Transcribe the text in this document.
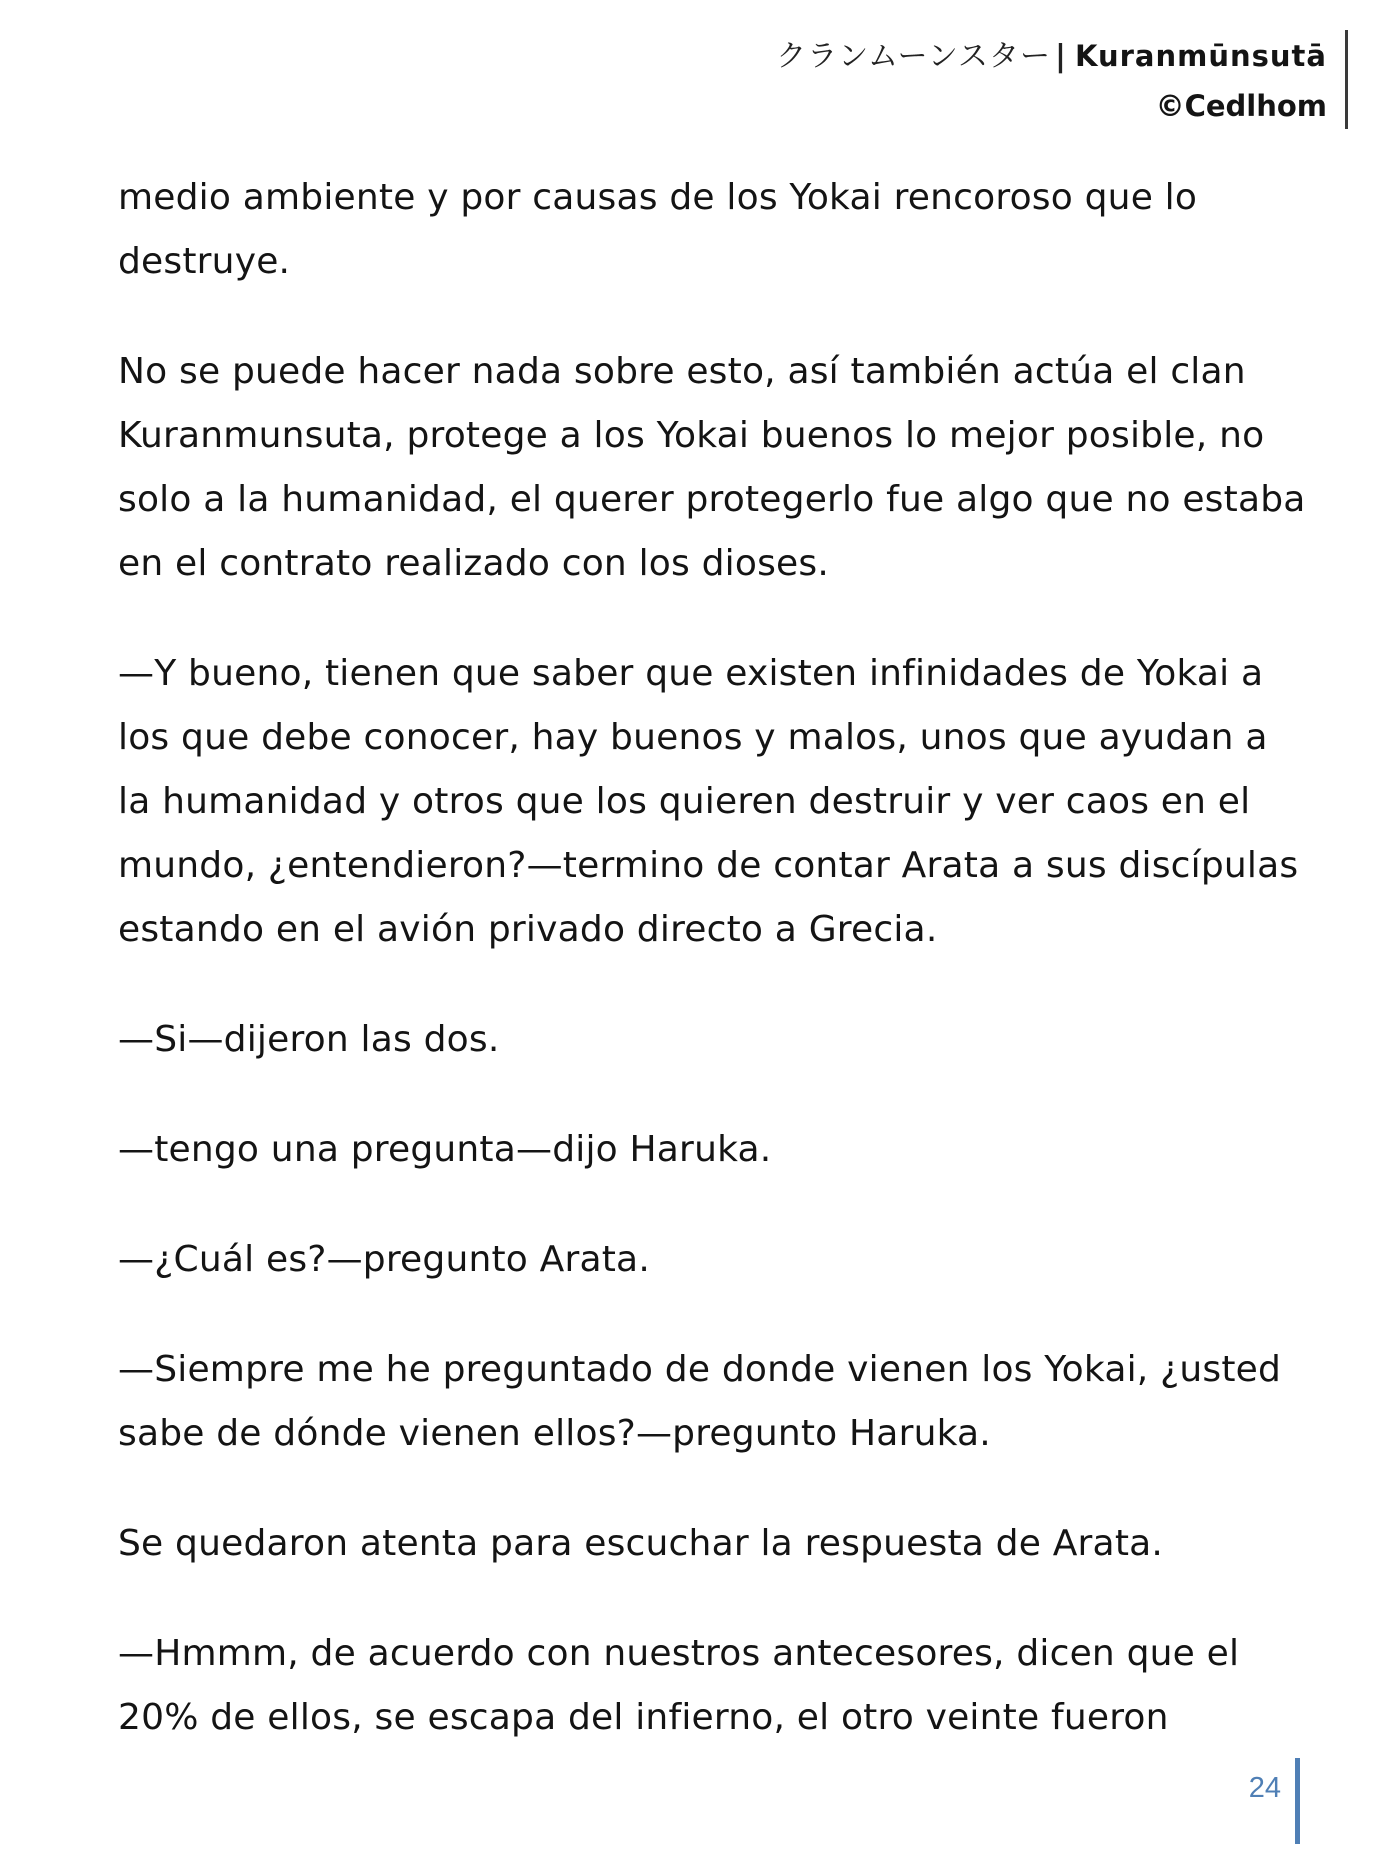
クランムーンスター | Kuranmūnsutā
©Cedlhom

medio ambiente y por causas de los Yokai rencoroso que lo destruye.

No se puede hacer nada sobre esto, así también actúa el clan Kuranmunsuta, protege a los Yokai buenos lo mejor posible, no solo a la humanidad, el querer protegerlo fue algo que no estaba en el contrato realizado con los dioses.

—Y bueno, tienen que saber que existen infinidades de Yokai a los que debe conocer, hay buenos y malos, unos que ayudan a la humanidad y otros que los quieren destruir y ver caos en el mundo, ¿entendieron?—termino de contar Arata a sus discípulas estando en el avión privado directo a Grecia.

—Si—dijeron las dos.

—tengo una pregunta—dijo Haruka.

—¿Cuál es?—pregunto Arata.

—Siempre me he preguntado de donde vienen los Yokai, ¿usted sabe de dónde vienen ellos?—pregunto Haruka.

Se quedaron atenta para escuchar la respuesta de Arata.

—Hmmm, de acuerdo con nuestros antecesores, dicen que el 20% de ellos, se escapa del infierno, el otro veinte fueron

24
